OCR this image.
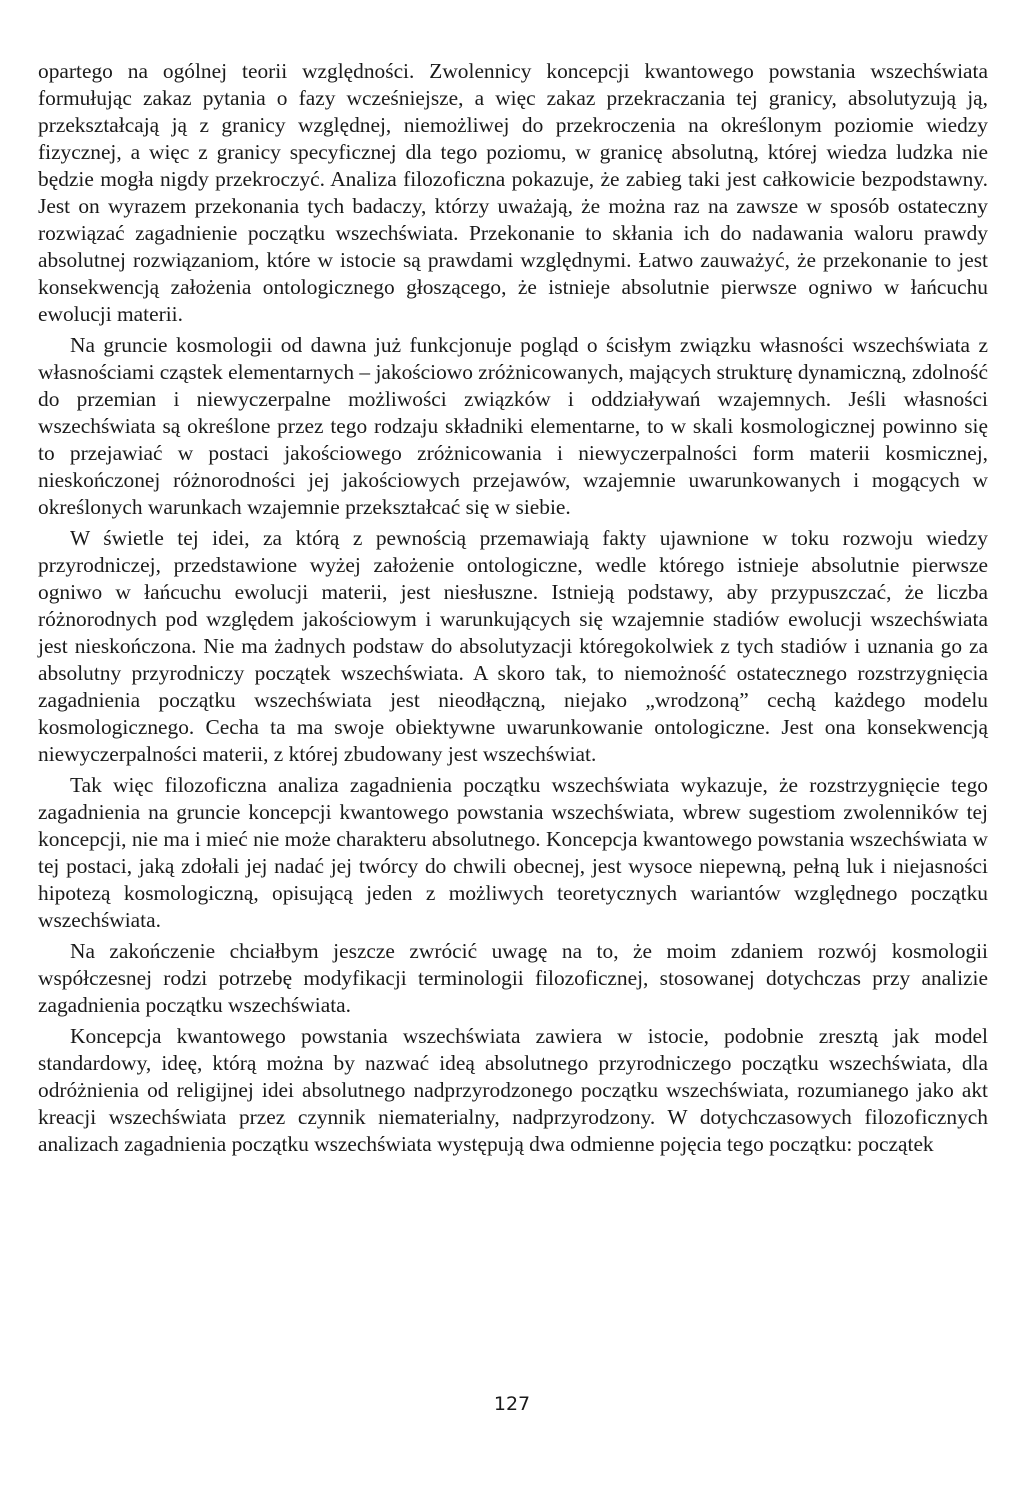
opartego na ogólnej teorii względności. Zwolennicy koncepcji kwantowego powstania wszechświata formułując zakaz pytania o fazy wcześniejsze, a więc zakaz przekraczania tej granicy, absolutyzują ją, przekształcają ją z granicy względnej, niemożliwej do przekroczenia na określonym poziomie wiedzy fizycznej, a więc z granicy specyficznej dla tego poziomu, w granicę absolutną, której wiedza ludzka nie będzie mogła nigdy przekroczyć. Analiza filozoficzna pokazuje, że zabieg taki jest całkowicie bezpodstawny. Jest on wyrazem przekonania tych badaczy, którzy uważają, że można raz na zawsze w sposób ostateczny rozwiązać zagadnienie początku wszechświata. Przekonanie to skłania ich do nadawania waloru prawdy absolutnej rozwiązaniom, które w istocie są prawdami względnymi. Łatwo zauważyć, że przekonanie to jest konsekwencją założenia ontologicznego głoszącego, że istnieje absolutnie pierwsze ogniwo w łańcuchu ewolucji materii.

Na gruncie kosmologii od dawna już funkcjonuje pogląd o ścisłym związku własności wszechświata z własnościami cząstek elementarnych – jakościowo zróżnicowanych, mających strukturę dynamiczną, zdolność do przemian i niewyczerpalne możliwości związków i oddziaływań wzajemnych. Jeśli własności wszechświata są określone przez tego rodzaju składniki elementarne, to w skali kosmologicznej powinno się to przejawiać w postaci jakościowego zróżnicowania i niewyczerpalności form materii kosmicznej, nieskończonej różnorodności jej jakościowych przejawów, wzajemnie uwarunkowanych i mogących w określonych warunkach wzajemnie przekształcać się w siebie.

W świetle tej idei, za którą z pewnością przemawiają fakty ujawnione w toku rozwoju wiedzy przyrodniczej, przedstawione wyżej założenie ontologiczne, wedle którego istnieje absolutnie pierwsze ogniwo w łańcuchu ewolucji materii, jest niesłuszne. Istnieją podstawy, aby przypuszczać, że liczba różnorodnych pod względem jakościowym i warunkujących się wzajemnie stadiów ewolucji wszechświata jest nieskończona. Nie ma żadnych podstaw do absolutyzacji któregokolwiek z tych stadiów i uznania go za absolutny przyrodniczy początek wszechświata. A skoro tak, to niemożność ostatecznego rozstrzygnięcia zagadnienia początku wszechświata jest nieodłączną, niejako „wrodzoną” cechą każdego modelu kosmologicznego. Cecha ta ma swoje obiektywne uwarunkowanie ontologiczne. Jest ona konsekwencją niewyczerpalności materii, z której zbudowany jest wszechświat.

Tak więc filozoficzna analiza zagadnienia początku wszechświata wykazuje, że rozstrzygnięcie tego zagadnienia na gruncie koncepcji kwantowego powstania wszechświata, wbrew sugestiom zwolenników tej koncepcji, nie ma i mieć nie może charakteru absolutnego. Koncepcja kwantowego powstania wszechświata w tej postaci, jaką zdołali jej nadać jej twórcy do chwili obecnej, jest wysoce niepewną, pełną luk i niejasności hipotezą kosmologiczną, opisującą jeden z możliwych teoretycznych wariantów względnego początku wszechświata.

Na zakończenie chciałbym jeszcze zwrócić uwagę na to, że moim zdaniem rozwój kosmologii współczesnej rodzi potrzebę modyfikacji terminologii filozoficznej, stosowanej dotychczas przy analizie zagadnienia początku wszechświata.

Koncepcja kwantowego powstania wszechświata zawiera w istocie, podobnie zresztą jak model standardowy, ideę, którą można by nazwać ideą absolutnego przyrodniczego początku wszechświata, dla odróżnienia od religijnej idei absolutnego nadprzyrodzonego początku wszechświata, rozumianego jako akt kreacji wszechświata przez czynnik niematerialny, nadprzyrodzony. W dotychczasowych filozoficznych analizach zagadnienia początku wszechświata występują dwa odmienne pojęcia tego początku: początek

127
